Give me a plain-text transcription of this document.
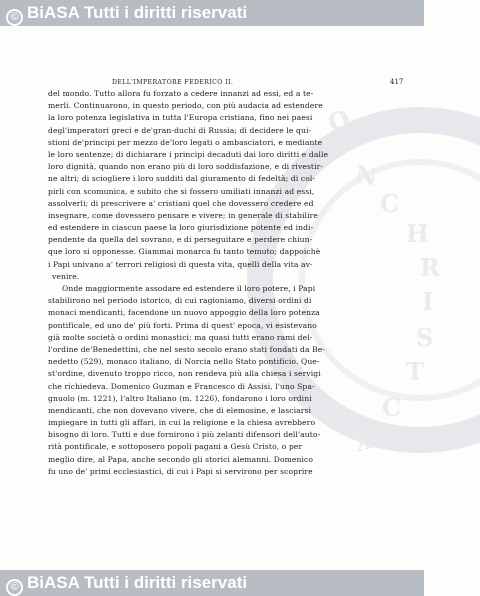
© BiASA Tutti i diritti riservati
O
N
C
H
R
I
S
T
C
X
DELL'IMPERATORE FEDERICO II.	417
del mondo. Tutto allora fu forzato a cedere innanzi ad essi, ed a te-
merli. Continuarono, in questo periodo, con più audacia ad estendere
la loro potenza legislativa in tutta l'Europa cristiana, fino nei paesi
degl'imperatori greci e de'gran-duchi di Russia; di decidere le qui-
stioni de'principi per mezzo de'loro legati o ambasciatori, e mediante
le loro sentenze; di dichiarare i principi decaduti dai loro diritti e dalle
loro dignità, quando non erano più di loro soddisfazione, e di rivestir-
ne altri; di sciogliere i loro sudditi dal giuramento di fedeltà; di col-
pirli con scomunica, e subito che si fossero umiliati innanzi ad essi,
assolverli; di prescrivere a' cristiani quel che dovessero credere ed
insegnare, come dovessero pensare e vivere; in generale di stabilire
ed estendere in ciascun paese la loro giurisdizione potente ed indi-
pendente da quella del sovrano, e di perseguitare e perdere chiun-
que loro si opponesse. Giammai monarca fu tanto temuto; dappoichè
i Papi univano a' terrori religiosi di questa vita, quelli della vita av-
venire.
Onde maggiormente assodare ed estendere il loro potere, i Papi
stabilirono nel periodo istorico, di cui ragioniamo, diversi ordini di
monaci mendicanti, facendone un nuovo appoggio della loro potenza
pontificale, ed uno de' più forti. Prima di quest' epoca, vi esistevano
già molte società o ordini monastici; ma quasi tutti erano rami del-
l'ordine de'Benedettini, che nel sesto secolo erano stati fondati da Be-
nedetto (529), monaco italiano, di Norcia nello Stato pontificio. Que-
st'ordine, divenuto troppo ricco, non rendeva più alla chiesa i servigi
che richiedeva. Domenico Guzman e Francesco di Assisi, l'uno Spa-
gnuolo (m. 1221), l'altro Italiano (m. 1226), fondarono i loro ordini
mendicanti, che non dovevano vivere, che di elemosine, e lasciarsi
impiegare in tutti gli affari, in cui la religione e la chiesa avrebbero
bisogno di loro. Tutti e due fornirono i più zelanti difensori dell'auto-
rità pontificale, e sottoposero popoli pagani a Gesù Cristo, o per
meglio dire, al Papa, anche secondo gli storici alemanni. Domenico
fu uno de' primi ecclesiastici, di cui i Papi si servirono per scoprire
© BiASA Tutti i diritti riservati
